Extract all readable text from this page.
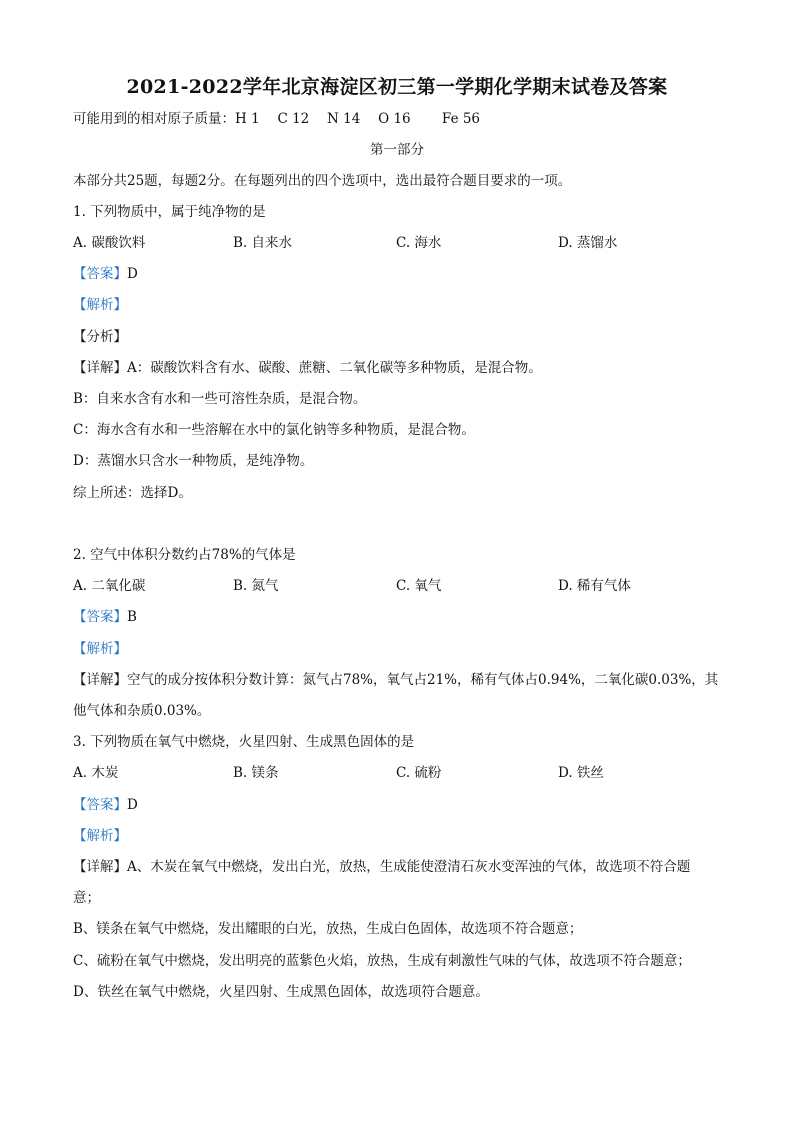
2021-2022学年北京海淀区初三第一学期化学期末试卷及答案
可能用到的相对原子质量：H 1　 C 12　 N 14　 O 16　　 Fe 56
第一部分
本部分共25题，每题2分。在每题列出的四个选项中，选出最符合题目要求的一项。
1. 下列物质中，属于纯净物的是
A. 碳酸饮料	B. 自来水	C. 海水	D. 蒸馏水
【答案】D
【解析】
【分析】
【详解】A：碳酸饮料含有水、碳酸、蔗糖、二氧化碳等多种物质，是混合物。
B：自来水含有水和一些可溶性杂质，是混合物。
C：海水含有水和一些溶解在水中的氯化钠等多种物质，是混合物。
D：蒸馏水只含水一种物质，是纯净物。
综上所述：选择D。
2. 空气中体积分数约占78%的气体是
A. 二氧化碳	B. 氮气	C. 氧气	D. 稀有气体
【答案】B
【解析】
【详解】空气的成分按体积分数计算：氮气占78%，氧气占21%，稀有气体占0.94%，二氧化碳0.03%，其
他气体和杂质0.03%。
3. 下列物质在氧气中燃烧，火星四射、生成黑色固体的是
A. 木炭	B. 镁条	C. 硫粉	D. 铁丝
【答案】D
【解析】
【详解】A、木炭在氧气中燃烧，发出白光，放热，生成能使澄清石灰水变浑浊的气体，故选项不符合题
意；
B、镁条在氧气中燃烧，发出耀眼的白光，放热，生成白色固体，故选项不符合题意；
C、硫粉在氧气中燃烧，发出明亮的蓝紫色火焰，放热，生成有刺激性气味的气体，故选项不符合题意；
D、铁丝在氧气中燃烧，火星四射、生成黑色固体，故选项符合题意。
